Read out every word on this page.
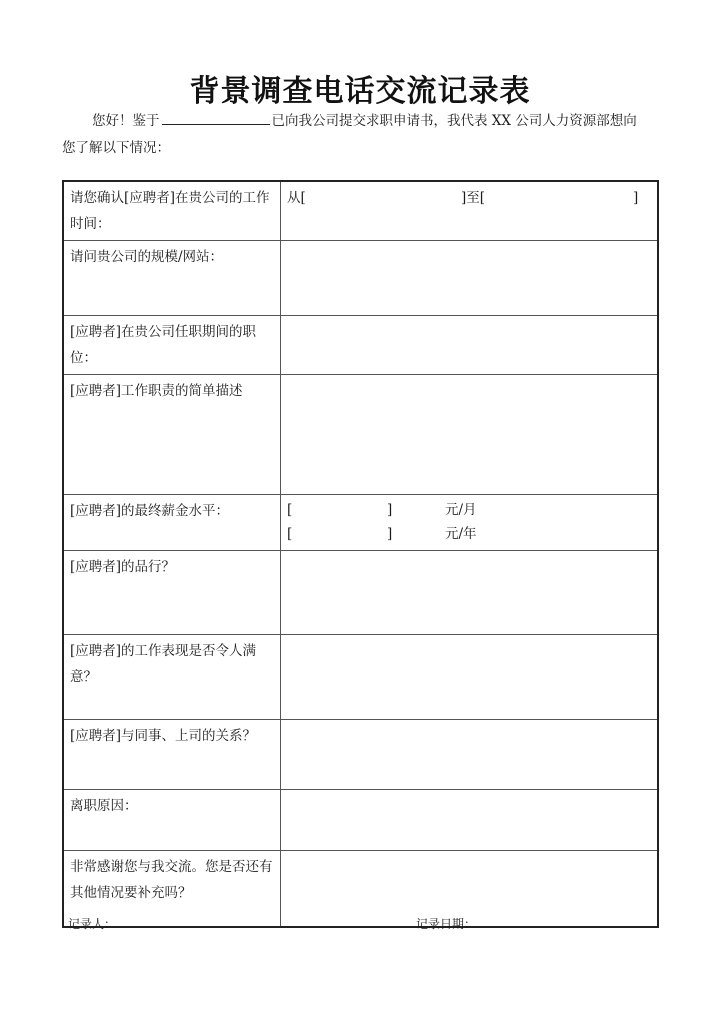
背景调查电话交流记录表
您好！鉴于	已向我公司提交求职申请书，我代表 XX 公司人力资源部想向
您了解以下情况：
请您确认[应聘者]在贵公司的工作时间：	从[ ]至[ ]

请问贵公司的规模/网站：	
[应聘者]在贵公司任职期间的职位：	
[应聘者]工作职责的简单描述	
[应聘者]的最终薪金水平：	[	]	元/月
[	]	元/年

[应聘者]的品行？	
[应聘者]的工作表现是否令人满意？	
[应聘者]与同事、上司的关系？	
离职原因：	
非常感谢您与我交流。您是否还有其他情况要补充吗？	
记录人：	记录日期：
